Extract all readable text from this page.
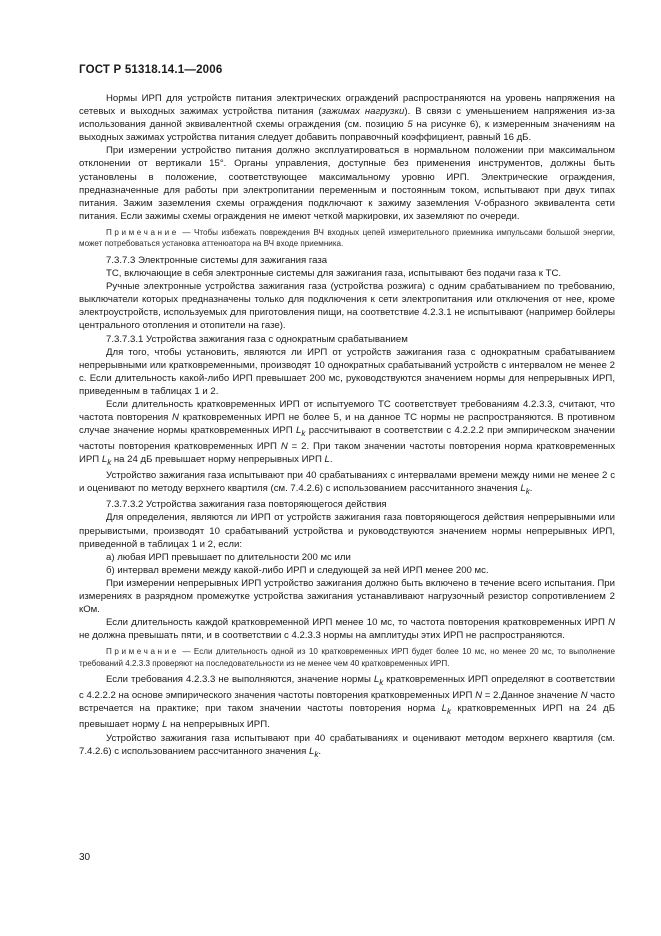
ГОСТ Р 51318.14.1—2006

Нормы ИРП для устройств питания электрических ограждений распространяются на уровень напряжения на сетевых и выходных зажимах устройства питания (зажимах нагрузки). В связи с уменьшением напряжения из-за использования данной эквивалентной схемы ограждения (см. позицию 5 на рисунке 6), к измеренным значениям на выходных зажимах устройства питания следует добавить поправочный коэффициент, равный 16 дБ.

При измерении устройство питания должно эксплуатироваться в нормальном положении при максимальном отклонении от вертикали 15°. Органы управления, доступные без применения инструментов, должны быть установлены в положение, соответствующее максимальному уровню ИРП. Электрические ограждения, предназначенные для работы при электропитании переменным и постоянным током, испытывают при двух типах питания. Зажим заземления схемы ограждения подключают к зажиму заземления V-образного эквивалента сети питания. Если зажимы схемы ограждения не имеют четкой маркировки, их заземляют по очереди.

Примечание — Чтобы избежать повреждения ВЧ входных цепей измерительного приемника импульсами большой энергии, может потребоваться установка аттенюатора на ВЧ входе приемника.

7.3.7.3 Электронные системы для зажигания газа

ТС, включающие в себя электронные системы для зажигания газа, испытывают без подачи газа к ТС.

Ручные электронные устройства зажигания газа (устройства розжига) с одним срабатыванием по требованию, выключатели которых предназначены только для подключения к сети электропитания или отключения от нее, кроме электроустройств, используемых для приготовления пищи, на соответствие 4.2.3.1 не испытывают (например бойлеры центрального отопления и отопители на газе).

7.3.7.3.1 Устройства зажигания газа с однократным срабатыванием

Для того, чтобы установить, являются ли ИРП от устройств зажигания газа с однократным срабатыванием непрерывными или кратковременными, производят 10 однократных срабатываний устройств с интервалом не менее 2 с. Если длительность какой-либо ИРП превышает 200 мс, руководствуются значением нормы для непрерывных ИРП, приведенным в таблицах 1 и 2.

Если длительность кратковременных ИРП от испытуемого ТС соответствует требованиям 4.2.3.3, считают, что частота повторения N кратковременных ИРП не более 5, и на данное ТС нормы не распространяются. В противном случае значение нормы кратковременных ИРП $L_k$ рассчитывают в соответствии с 4.2.2.2 при эмпирическом значении частоты повторения кратковременных ИРП N = 2. При таком значении частоты повторения норма кратковременных ИРП $L_k$ на 24 дБ превышает норму непрерывных ИРП L.

Устройство зажигания газа испытывают при 40 срабатываниях с интервалами времени между ними не менее 2 с и оценивают по методу верхнего квартиля (см. 7.4.2.6) с использованием рассчитанного значения $L_k$.

7.3.7.3.2 Устройства зажигания газа повторяющегося действия

Для определения, являются ли ИРП от устройств зажигания газа повторяющегося действия непрерывными или прерывистыми, производят 10 срабатываний устройства и руководствуются значением нормы непрерывных ИРП, приведенной в таблицах 1 и 2, если:

а) любая ИРП превышает по длительности 200 мс или

б) интервал времени между какой-либо ИРП и следующей за ней ИРП менее 200 мс.

При измерении непрерывных ИРП устройство зажигания должно быть включено в течение всего испытания. При измерениях в разрядном промежутке устройства зажигания устанавливают нагрузочный резистор сопротивлением 2 кОм.

Если длительность каждой кратковременной ИРП менее 10 мс, то частота повторения кратковременных ИРП N не должна превышать пяти, и в соответствии с 4.2.3.3 нормы на амплитуды этих ИРП не распространяются.

Примечание — Если длительность одной из 10 кратковременных ИРП будет более 10 мс, но менее 20 мс, то выполнение требований 4.2.3.3 проверяют на последовательности из не менее чем 40 кратковременных ИРП.

Если требования 4.2.3.3 не выполняются, значение нормы $L_k$ кратковременных ИРП определяют в соответствии с 4.2.2.2 на основе эмпирического значения частоты повторения кратковременных ИРП N = 2.Данное значение N часто встречается на практике; при таком значении частоты повторения норма $L_k$ кратковременных ИРП на 24 дБ превышает норму L на непрерывных ИРП.

Устройство зажигания газа испытывают при 40 срабатываниях и оценивают методом верхнего квартиля (см. 7.4.2.6) с использованием рассчитанного значения $L_k$.

30
